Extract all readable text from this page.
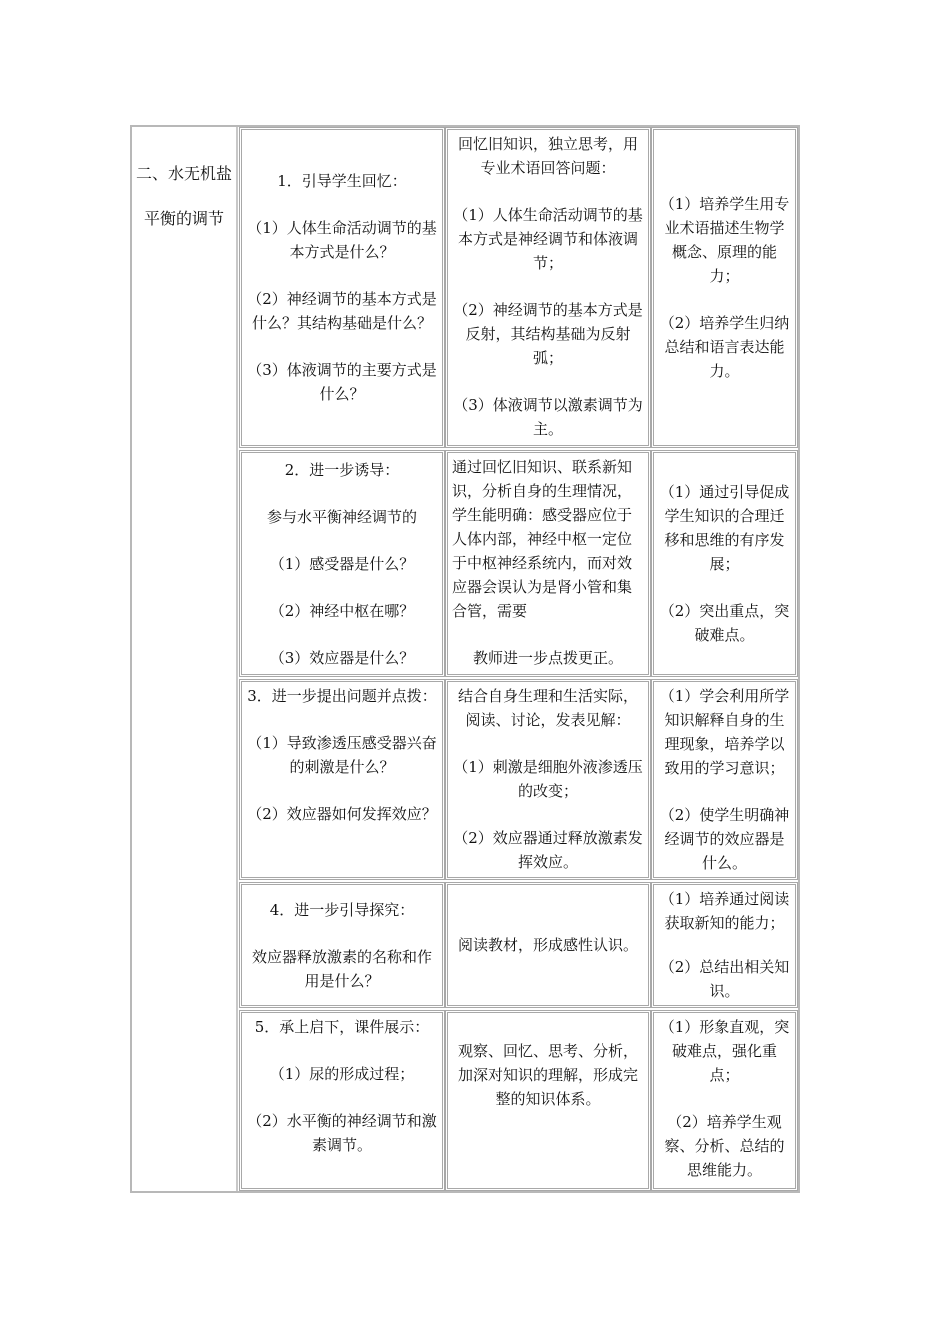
二、水无机盐
平衡的调节

1．引导学生回忆：

（1）人体生命活动调节的基本方式是什么？

（2）神经调节的基本方式是什么？其结构基础是什么？

（3）体液调节的主要方式是什么？

回忆旧知识，独立思考，用专业术语回答问题：

（1）人体生命活动调节的基本方式是神经调节和体液调节；

（2）神经调节的基本方式是反射，其结构基础为反射弧；

（3）体液调节以激素调节为主。

（1）培养学生用专业术语描述生物学概念、原理的能力；

（2）培养学生归纳总结和语言表达能力。

2．进一步诱导：

参与水平衡神经调节的

（1）感受器是什么？

（2）神经中枢在哪？

（3）效应器是什么？

通过回忆旧知识、联系新知识，分析自身的生理情况，学生能明确：感受器应位于人体内部，神经中枢一定位于中枢神经系统内，而对效应器会误认为是肾小管和集合管，需要

教师进一步点拨更正。

（1）通过引导促成学生知识的合理迁移和思维的有序发展；

（2）突出重点，突破难点。

3．进一步提出问题并点拨：

（1）导致渗透压感受器兴奋的刺激是什么？

（2）效应器如何发挥效应？

结合自身生理和生活实际，阅读、讨论，发表见解：

（1）刺激是细胞外液渗透压的改变；

（2）效应器通过释放激素发挥效应。

（1）学会利用所学知识解释自身的生理现象，培养学以致用的学习意识；

（2）使学生明确神经调节的效应器是什么。

4．进一步引导探究：

效应器释放激素的名称和作用是什么？

阅读教材，形成感性认识。

（1）培养通过阅读获取新知的能力；

（2）总结出相关知识。

5．承上启下，课件展示：

（1）尿的形成过程；

（2）水平衡的神经调节和激素调节。

观察、回忆、思考、分析，加深对知识的理解，形成完整的知识体系。

（1）形象直观，突破难点，强化重点；

（2）培养学生观察、分析、总结的思维能力。
